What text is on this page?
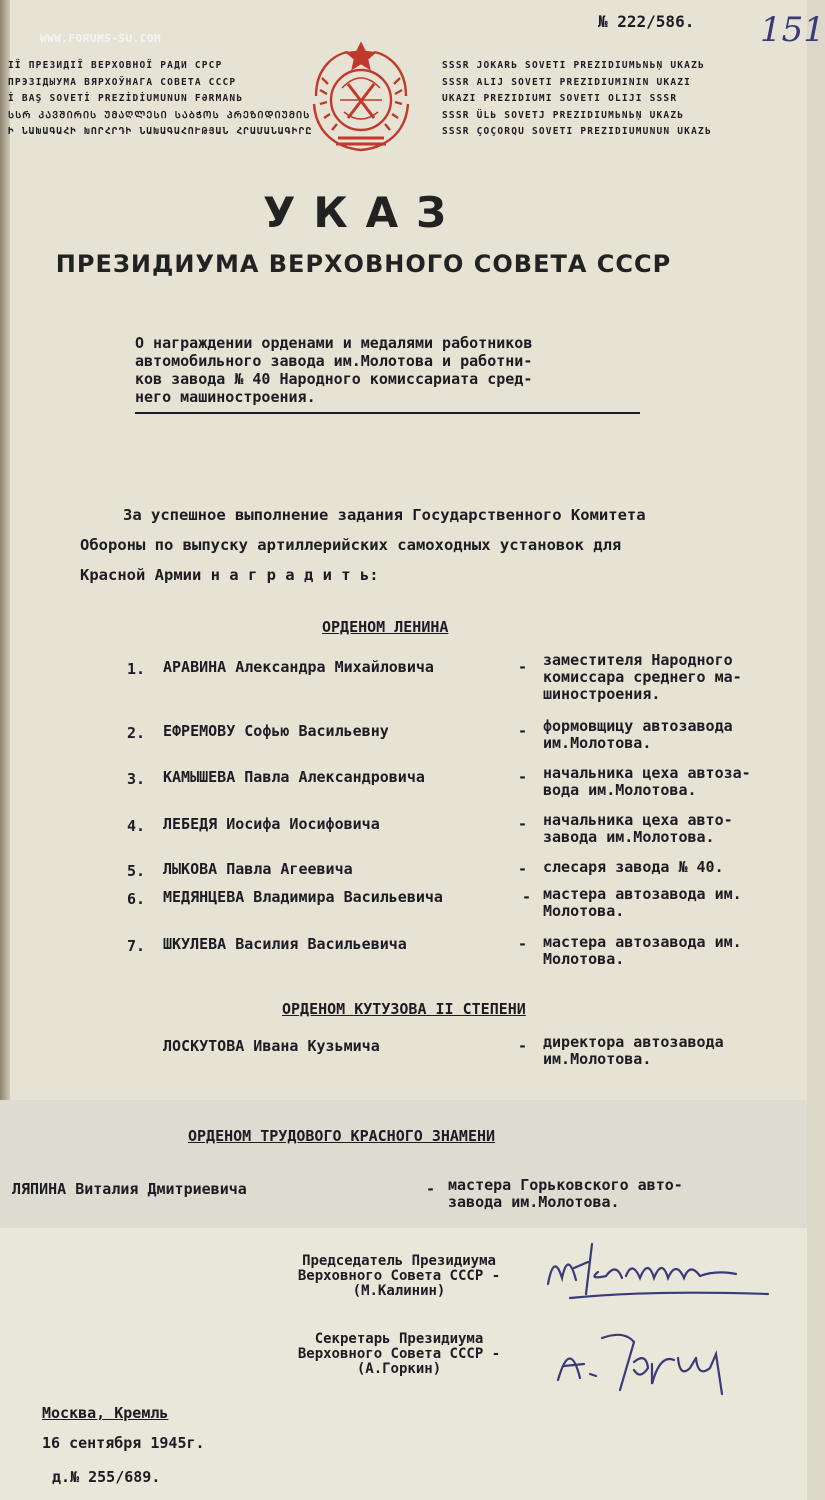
WWW.FORUMS-SU.COM
№ 222/586. 151
ІЇ ПРЕЗИДІЇ ВЕРХОВНОЇ РАДИ СРСР
ПРЭЗІДЫУМА ВЯРХОЎНАГА СОВЕТА СССР
İ BAŞ SOVETİ PREZİDİUMUNUN FƏRMANЬ
ᲡᲡᲠ ᲙᲐᲕᲨᲘᲠᲘᲡ ᲣᲛᲐᲦᲚᲔᲡᲘ ᲡᲐᲑᲭᲝᲡ ᲞᲠᲔᲖᲘᲓᲘᲣᲛᲘᲡ
Ի ՆԱԽԱԳԱՀԻ ԽՈՐՀՐԴԻ ՆԱԽԱԳԱՀՈՒԹՅԱՆ ՀՐԱՄԱՆԱԳԻՐԸ
SSSR JOKARЬ SOVETI PREZIDIUMЬNЬŅ UKAZЬ
SSSR ALIJ SOVETI PREZIDIUMININ UKAZI
UKAZI PREZIDIUMI SOVETI OLIJI SSSR
SSSR ÜLЬ SOVETJ PREZIDIUMЬNЬŅ UKAZЬ
SSSR ÇOÇORQU SOVETI PREZIDIUMUNUN UKAZЬ
УКАЗ
ПРЕЗИДИУМА ВЕРХОВНОГО СОВЕТА СССР
О награждении орденами и медалями работников
автомобильного завода им.Молотова и работни-
ков завода № 40 Народного комиссариата сред-
него машиностроения.
За успешное выполнение задания Государственного Комитета
Обороны по выпуску артиллерийских самоходных установок для
Красной Армии н а г р а д и т ь:
ОРДЕНОМ ЛЕНИНА
1. АРАВИНА Александра Михайловича	- заместителя Народного
комиссара среднего ма-
шиностроения.
2. ЕФРЕМОВУ Софью Васильевну	- формовщицу автозавода
им.Молотова.
3. КАМЫШЕВА Павла Александровича	- начальника цеха автоза-
вода им.Молотова.
4. ЛЕБЕДЯ Иосифа Иосифовича	- начальника цеха авто-
завода им.Молотова.
5. ЛЫКОВА Павла Агеевича	- слесаря завода № 40.
6. МЕДЯНЦЕВА Владимира Васильевича	- мастера автозавода им.
Молотова.
7. ШКУЛЕВА Василия Васильевича	- мастера автозавода им.
Молотова.
ОРДЕНОМ КУТУЗОВА II СТЕПЕНИ
ЛОСКУТОВА Ивана Кузьмича	- директора автозавода
им.Молотова.
ОРДЕНОМ ТРУДОВОГО КРАСНОГО ЗНАМЕНИ
ЛЯПИНА Виталия Дмитриевича	- мастера Горьковского авто-
завода им.Молотова.
Председатель Президиума
Верховного Совета СССР -
(М.Калинин)
Секретарь Президиума
Верховного Совета СССР -
(А.Горкин)
Москва, Кремль
16 сентября 1945г.
д.№ 255/689.
